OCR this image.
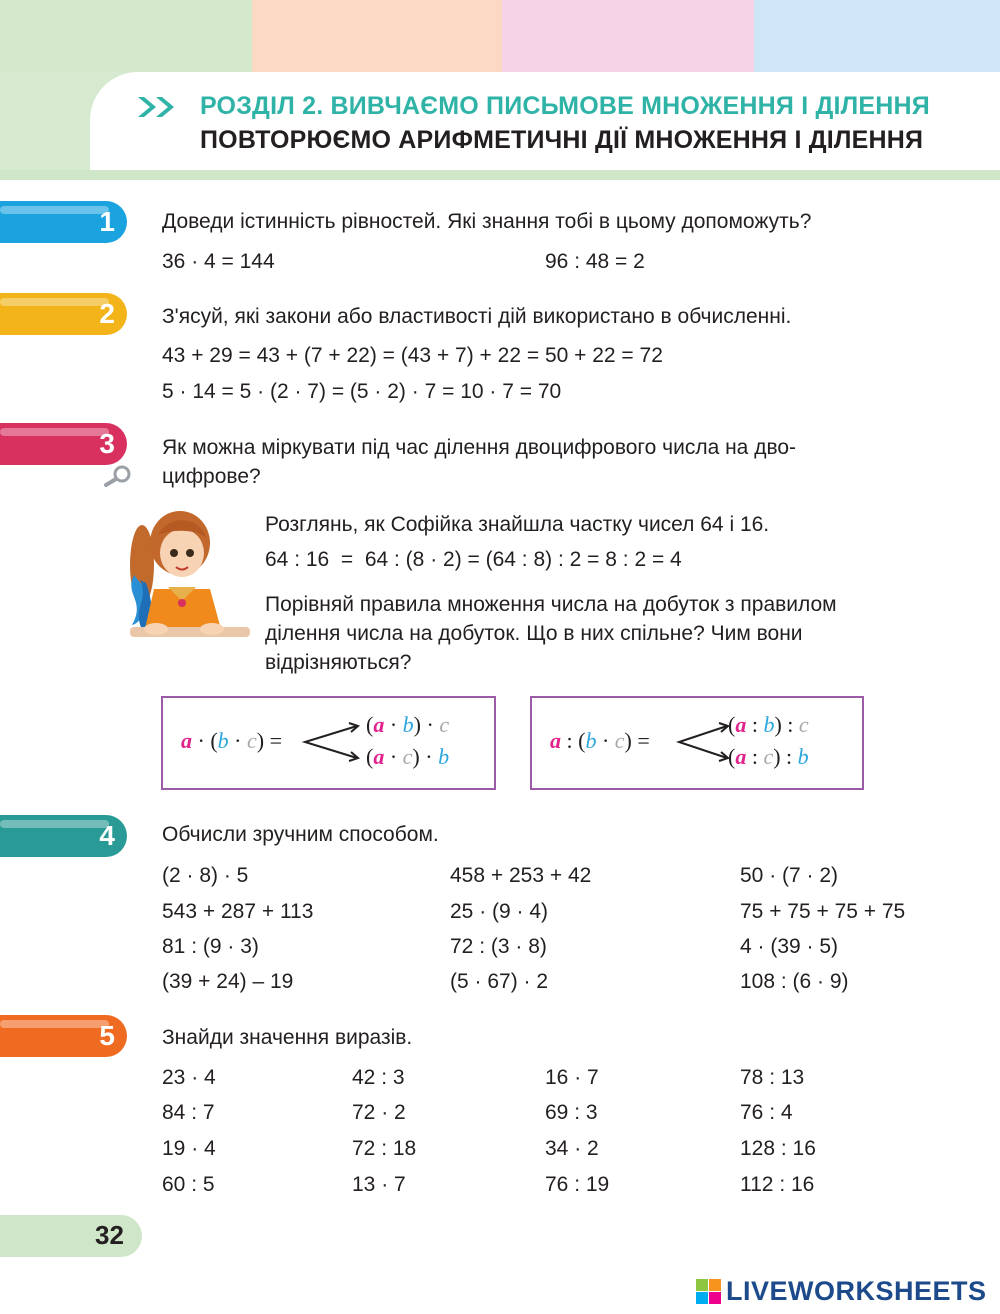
РОЗДІЛ 2. ВИВЧАЄМО ПИСЬМОВЕ МНОЖЕННЯ І ДІЛЕННЯ
ПОВТОРЮЄМО АРИФМЕТИЧНІ ДІЇ МНОЖЕННЯ І ДІЛЕННЯ
1 Доведи істинність рівностей. Які знання тобі в цьому допоможуть?
36 · 4 = 144	96 : 48 = 2
2 З'ясуй, які закони або властивості дій використано в обчисленні.
43 + 29 = 43 + (7 + 22) = (43 + 7) + 22 = 50 + 22 = 72
5 · 14 = 5 · (2 · 7) = (5 · 2) · 7 = 10 · 7 = 70
3 Як можна міркувати під час ділення двоцифрового числа на дво-
цифрове?
Розглянь, як Софійка знайшла частку чисел 64 і 16.
64 : 16  =  64 : (8 · 2) = (64 : 8) : 2 = 8 : 2 = 4
Порівняй правила множення числа на добуток з правилом
ділення числа на добуток. Що в них спільне? Чим вони
відрізняються?
a · (b · c) =
(a · b) · c
(a · c) · b
a : (b · c) =
(a : b) : c
(a : c) : b
4 Обчисли зручним способом.
(2 · 8) · 5	458 + 253 + 42	50 · (7 · 2)
543 + 287 + 113	25 · (9 · 4)	75 + 75 + 75 + 75
81 : (9 · 3)	72 : (3 · 8)	4 · (39 · 5)
(39 + 24) – 19	(5 · 67) · 2	108 : (6 · 9)
5 Знайди значення виразів.
23 · 4	42 : 3	16 · 7	78 : 13
84 : 7	72 · 2	69 : 3	76 : 4
19 · 4	72 : 18	34 · 2	128 : 16
60 : 5	13 · 7	76 : 19	112 : 16
32
LIVEWORKSHEETS
